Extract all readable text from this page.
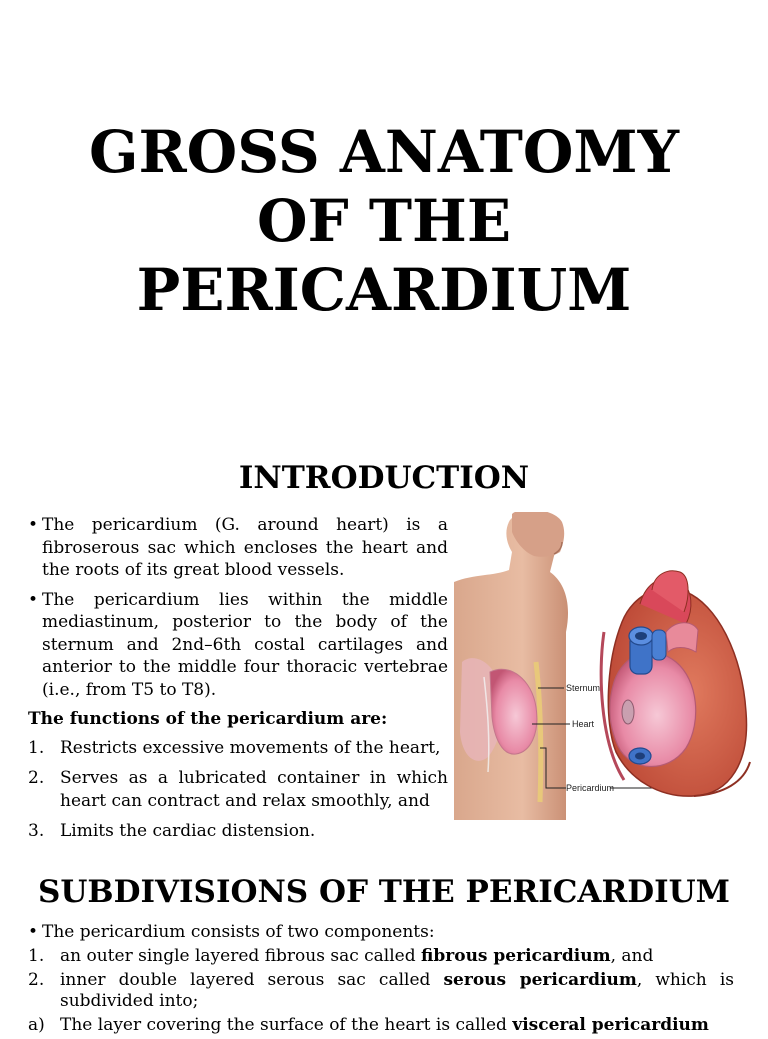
GROSS ANATOMY
OF THE
PERICARDIUM
INTRODUCTION
• The pericardium (G. around heart) is a fibroserous sac which encloses the heart and the roots of its great blood vessels.
• The pericardium lies within the middle mediastinum, posterior to the body of the sternum and 2nd–6th costal cartilages and anterior to the middle four thoracic vertebrae (i.e., from T5 to T8).
The functions of the pericardium are:
1. Restricts excessive movements of the heart,
2. Serves as a lubricated container in which heart can contract and relax smoothly, and
3. Limits the cardiac distension.
Sternum
Heart
Pericardium
SUBDIVISIONS OF THE PERICARDIUM
• The pericardium consists of two components:
1. an outer single layered fibrous sac called fibrous pericardium, and
2. inner double layered serous sac called serous pericardium, which is subdivided into;
a) The layer covering the surface of the heart is called visceral pericardium
